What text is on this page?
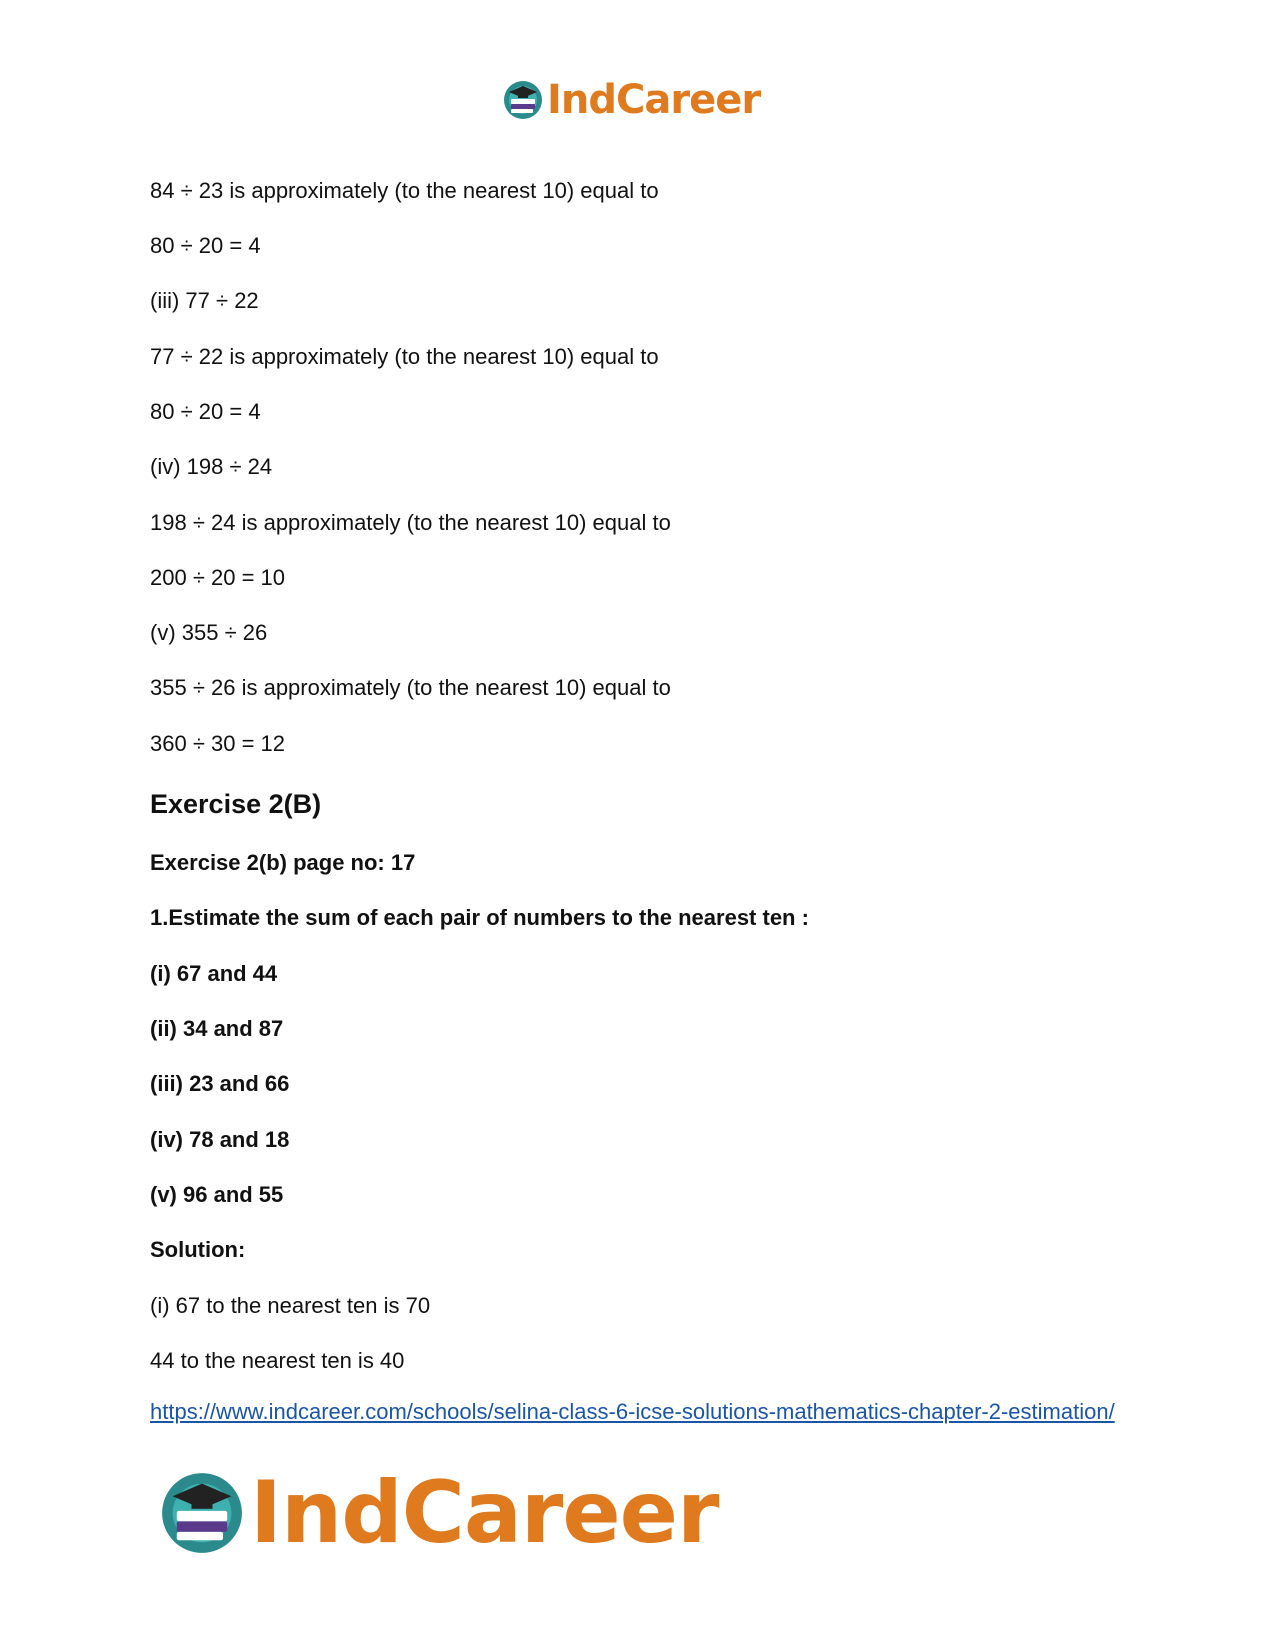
IndCareer
84 ÷ 23 is approximately (to the nearest 10) equal to
80 ÷ 20 = 4
(iii) 77 ÷ 22
77 ÷ 22 is approximately (to the nearest 10) equal to
80 ÷ 20 = 4
(iv) 198 ÷ 24
198 ÷ 24 is approximately (to the nearest 10) equal to
200 ÷ 20 = 10
(v) 355 ÷ 26
355 ÷ 26 is approximately (to the nearest 10) equal to
360 ÷ 30 = 12
Exercise 2(B)
Exercise 2(b) page no: 17
1.Estimate the sum of each pair of numbers to the nearest ten :
(i) 67 and 44
(ii) 34 and 87
(iii) 23 and 66
(iv) 78 and 18
(v) 96 and 55
Solution:
(i) 67 to the nearest ten is 70
44 to the nearest ten is 40
https://www.indcareer.com/schools/selina-class-6-icse-solutions-mathematics-chapter-2-estimation/
IndCareer
